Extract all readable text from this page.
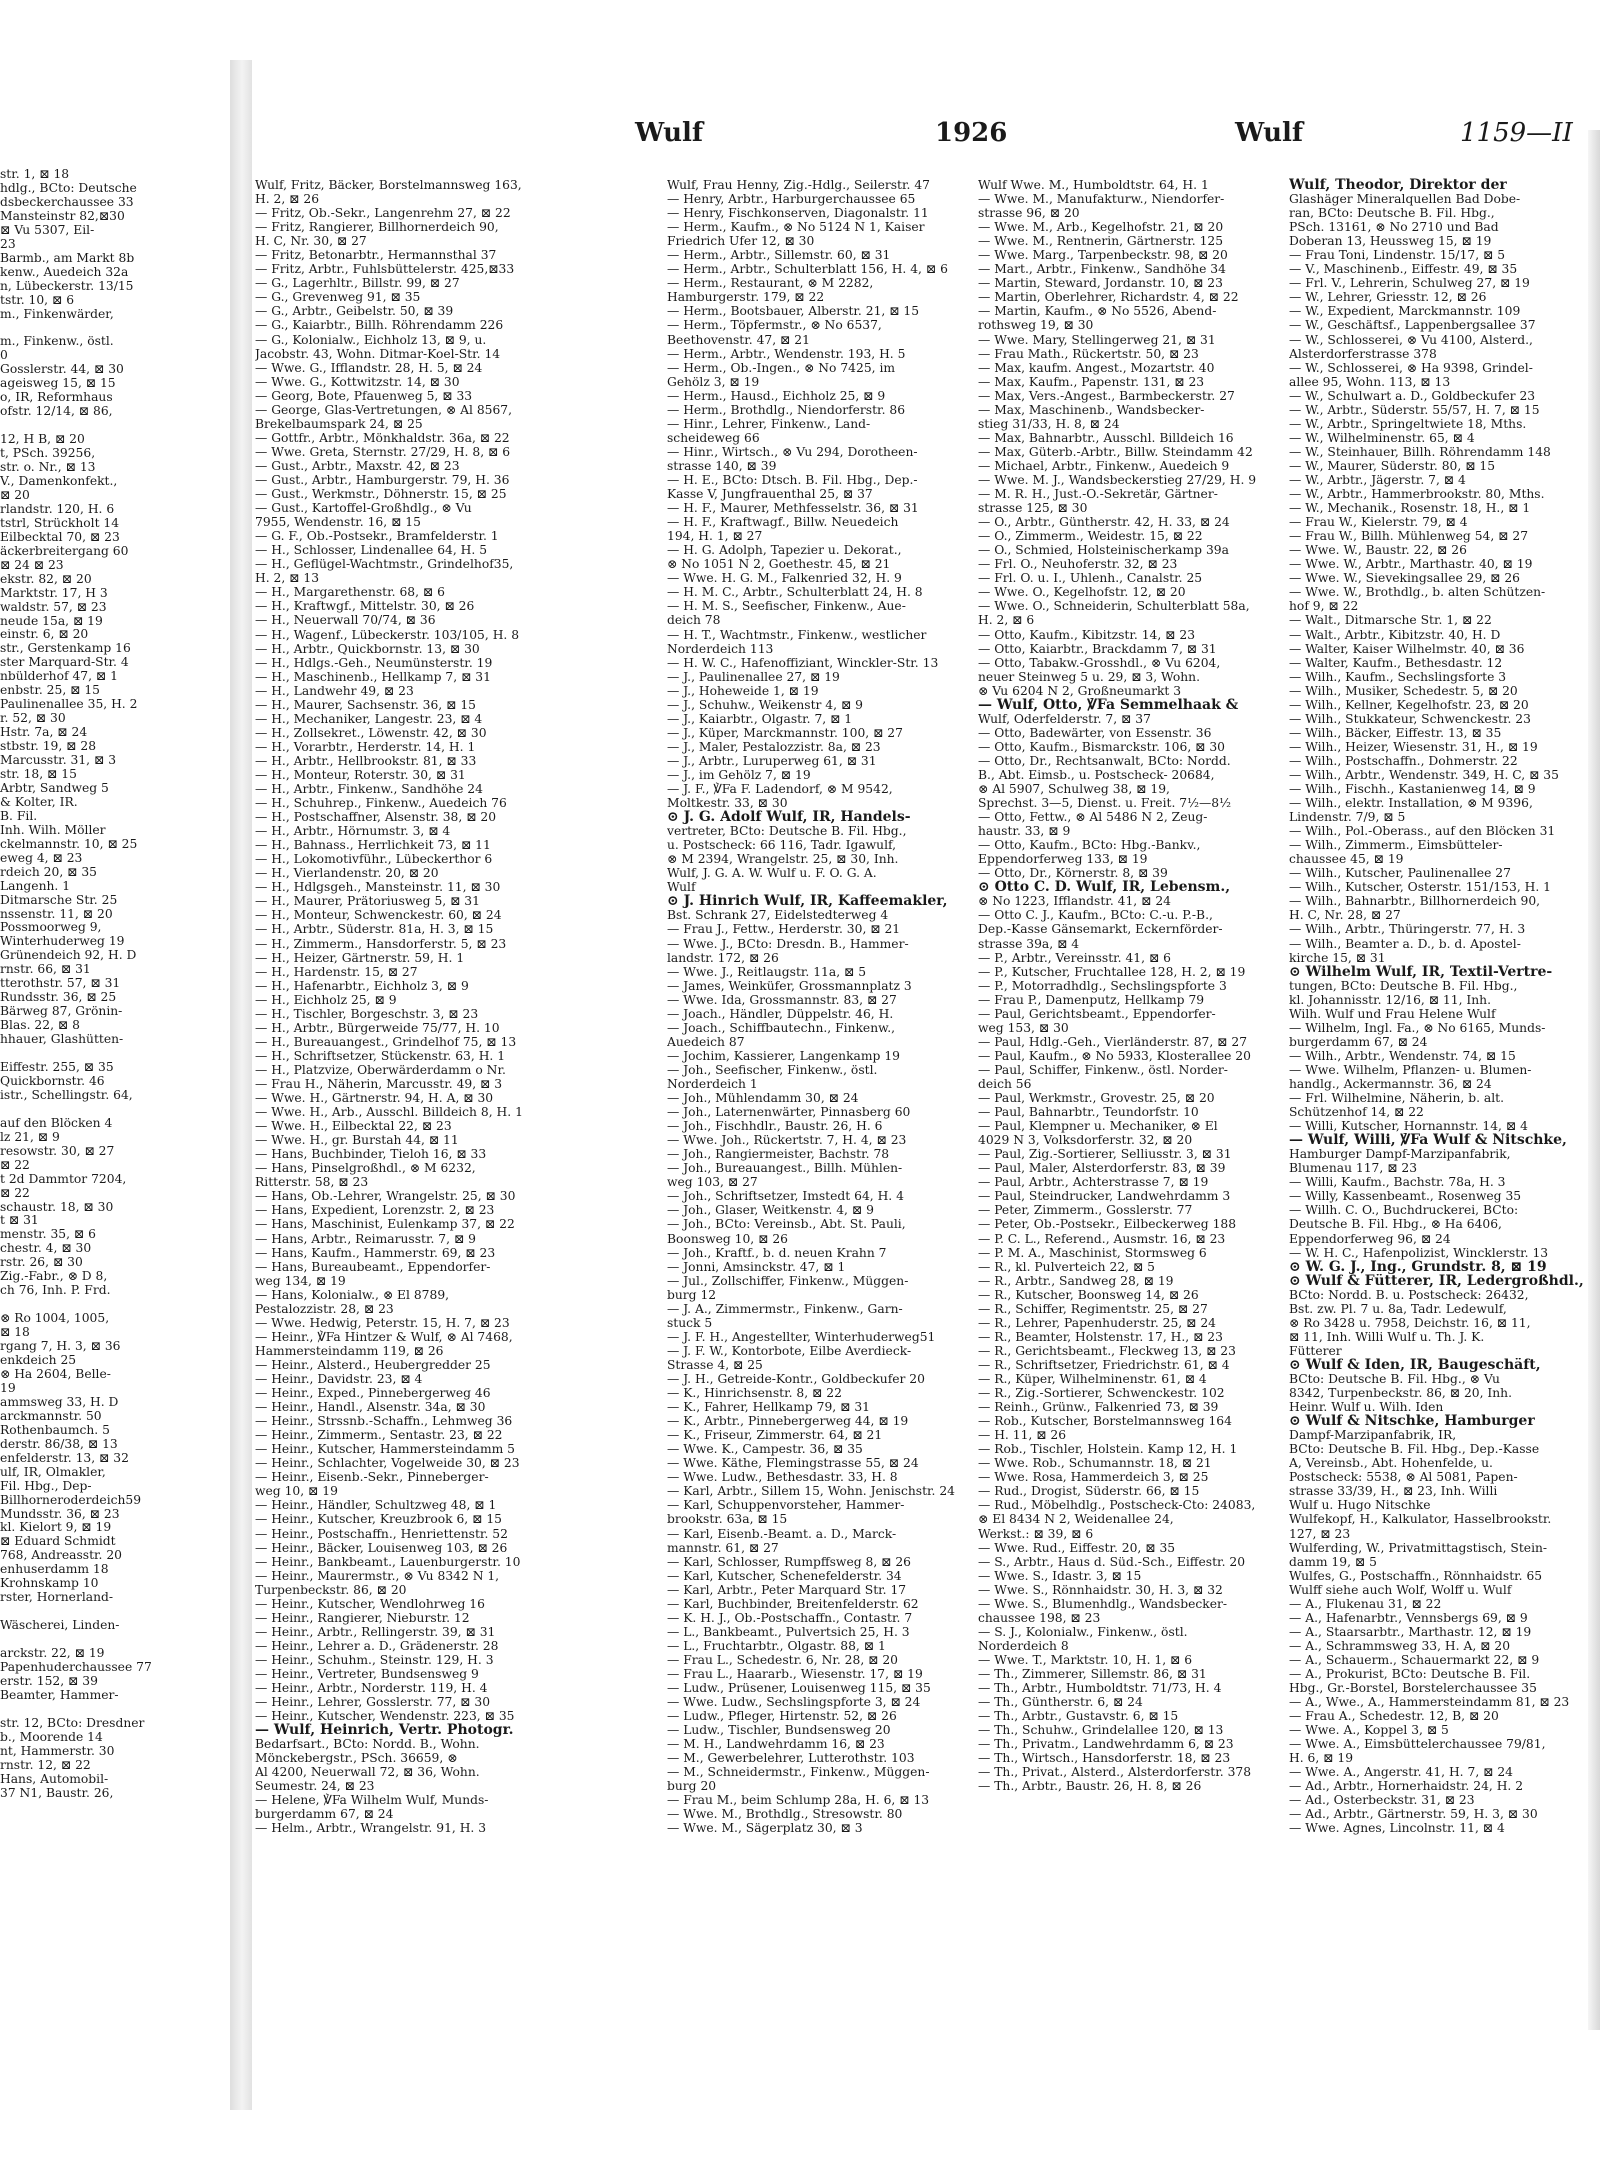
str. 1, ⊠ 18
hdlg., BCto: Deutsche
dsbeckerchaussee 33
Mansteinstr 82,⊠30
⊠ Vu 5307, Eil-
23
Barmb., am Markt 8b
kenw., Auedeich 32a
n, Lübeckerstr. 13/15
tstr. 10, ⊠ 6
m., Finkenwärder,

m., Finkenw., östl.
0
Gosslerstr. 44, ⊠ 30
ageisweg 15, ⊠ 15
o, IR, Reformhaus
ofstr. 12/14, ⊠ 86,

12, H B, ⊠ 20
t, PSch. 39256,
str. o. Nr., ⊠ 13
V., Damenkonfekt.,
⊠ 20
rlandstr. 120, H. 6
tstrl, Strückholt 14
Eilbecktal 70, ⊠ 23
äckerbreitergang 60
⊠ 24 ⊠ 23
ekstr. 82, ⊠ 20
Marktstr. 17, H 3
waldstr. 57, ⊠ 23
neude 15a, ⊠ 19
einstr. 6, ⊠ 20
str., Gerstenkamp 16
ster Marquard-Str. 4
nbülderhof 47, ⊠ 1
enbstr. 25, ⊠ 15
Paulinenallee 35, H. 2
r. 52, ⊠ 30
Hstr. 7a, ⊠ 24
stbstr. 19, ⊠ 28
Marcusstr. 31, ⊠ 3
str. 18, ⊠ 15
Arbtr, Sandweg 5
& Kolter, IR.
B. Fil.
Inh. Wilh. Möller
ckelmannstr. 10, ⊠ 25
eweg 4, ⊠ 23
rdeich 20, ⊠ 35
Langenh. 1
Ditmarsche Str. 25
nssenstr. 11, ⊠ 20
Possmoorweg 9,
Winterhuderweg 19
Grünendeich 92, H. D
rnstr. 66, ⊠ 31
tterothstr. 57, ⊠ 31
Rundsstr. 36, ⊠ 25
Bärweg 87, Grönin-
Blas. 22, ⊠ 8
hhauer, Glashütten-

Eiffestr. 255, ⊠ 35
Quickbornstr. 46
istr., Schellingstr. 64,

auf den Blöcken 4
lz 21, ⊠ 9
resowstr. 30, ⊠ 27
⊠ 22
t 2d Dammtor 7204,
⊠ 22
schaustr. 18, ⊠ 30
t ⊠ 31
menstr. 35, ⊠ 6
chestr. 4, ⊠ 30
rstr. 26, ⊠ 30
Zig.-Fabr., ⊗ D 8,
ch 76, Inh. P. Frd.

⊗ Ro 1004, 1005,
⊠ 18
rgang 7, H. 3, ⊠ 36
enkdeich 25
⊗ Ha 2604, Belle-
19
ammsweg 33, H. D
arckmannstr. 50
Rothenbaumch. 5
derstr. 86/38, ⊠ 13
enfelderstr. 13, ⊠ 32
ulf, IR, Olmakler,
Fil. Hbg., Dep-
Billhorneroderdeich59
Mundsstr. 36, ⊠ 23
kl. Kielort 9, ⊠ 19
⊠ Eduard Schmidt
768, Andreasstr. 20
enhuserdamm 18
Krohnskamp 10
rster, Hornerland-

Wäscherei, Linden-

arckstr. 22, ⊠ 19
Papenhuderchaussee 77
erstr. 152, ⊠ 39
Beamter, Hammer-

str. 12, BCto: Dresdner
b., Moorende 14
nt, Hammerstr. 30
rnstr. 12, ⊠ 22
Hans, Automobil-
37 N1, Baustr. 26,
Wulf	1926	Wulf	1159—II
Wulf, Fritz, Bäcker, Borstelmannsweg 163,
H. 2, ⊠ 26
— Fritz, Ob.-Sekr., Langenrehm 27, ⊠ 22
— Fritz, Rangierer, Billhornerdeich 90,
H. C, Nr. 30, ⊠ 27
— Fritz, Betonarbtr., Hermannsthal 37
— Fritz, Arbtr., Fuhlsbüttelerstr. 425,⊠33
— G., Lagerhltr., Billstr. 99, ⊠ 27
— G., Grevenweg 91, ⊠ 35
— G., Arbtr., Geibelstr. 50, ⊠ 39
— G., Kaiarbtr., Billh. Röhrendamm 226
— G., Kolonialw., Eichholz 13, ⊠ 9, u.
Jacobstr. 43, Wohn. Ditmar-Koel-Str. 14
— Wwe. G., Ifflandstr. 28, H. 5, ⊠ 24
— Wwe. G., Kottwitzstr. 14, ⊠ 30
— Georg, Bote, Pfauenweg 5, ⊠ 33
— George, Glas-Vertretungen, ⊗ Al 8567,
Brekelbaumspark 24, ⊠ 25
— Gottfr., Arbtr., Mönkhaldstr. 36a, ⊠ 22
— Wwe. Greta, Sternstr. 27/29, H. 8, ⊠ 6
— Gust., Arbtr., Maxstr. 42, ⊠ 23
— Gust., Arbtr., Hamburgerstr. 79, H. 36
— Gust., Werkmstr., Döhnerstr. 15, ⊠ 25
— Gust., Kartoffel-Großhdlg., ⊗ Vu
7955, Wendenstr. 16, ⊠ 15
— G. F., Ob.-Postsekr., Bramfelderstr. 1
— H., Schlosser, Lindenallee 64, H. 5
— H., Geflügel-Wachtmstr., Grindelhof35,
H. 2, ⊠ 13
— H., Margarethenstr. 68, ⊠ 6
— H., Kraftwgf., Mittelstr. 30, ⊠ 26
— H., Neuerwall 70/74, ⊠ 36
— H., Wagenf., Lübeckerstr. 103/105, H. 8
— H., Arbtr., Quickbornstr. 13, ⊠ 30
— H., Hdlgs.-Geh., Neumünsterstr. 19
— H., Maschinenb., Hellkamp 7, ⊠ 31
— H., Landwehr 49, ⊠ 23
— H., Maurer, Sachsenstr. 36, ⊠ 15
— H., Mechaniker, Langestr. 23, ⊠ 4
— H., Zollsekret., Löwenstr. 42, ⊠ 30
— H., Vorarbtr., Herderstr. 14, H. 1
— H., Arbtr., Hellbrookstr. 81, ⊠ 33
— H., Monteur, Roterstr. 30, ⊠ 31
— H., Arbtr., Finkenw., Sandhöhe 24
— H., Schuhrep., Finkenw., Auedeich 76
— H., Postschaffner, Alsenstr. 38, ⊠ 20
— H., Arbtr., Hörnumstr. 3, ⊠ 4
— H., Bahnass., Herrlichkeit 73, ⊠ 11
— H., Lokomotivführ., Lübeckerthor 6
— H., Vierlandenstr. 20, ⊠ 20
— H., Hdlgsgeh., Mansteinstr. 11, ⊠ 30
— H., Maurer, Prätoriusweg 5, ⊠ 31
— H., Monteur, Schwenckestr. 60, ⊠ 24
— H., Arbtr., Süderstr. 81a, H. 3, ⊠ 15
— H., Zimmerm., Hansdorferstr. 5, ⊠ 23
— H., Heizer, Gärtnerstr. 59, H. 1
— H., Hardenstr. 15, ⊠ 27
— H., Hafenarbtr., Eichholz 3, ⊠ 9
— H., Eichholz 25, ⊠ 9
— H., Tischler, Borgeschstr. 3, ⊠ 23
— H., Arbtr., Bürgerweide 75/77, H. 10
— H., Bureauangest., Grindelhof 75, ⊠ 13
— H., Schriftsetzer, Stückenstr. 63, H. 1
— H., Platzvize, Oberwärderdamm o Nr.
— Frau H., Näherin, Marcusstr. 49, ⊠ 3
— Wwe. H., Gärtnerstr. 94, H. A, ⊠ 30
— Wwe. H., Arb., Ausschl. Billdeich 8, H. 1
— Wwe. H., Eilbecktal 22, ⊠ 23
— Wwe. H., gr. Burstah 44, ⊠ 11
— Hans, Buchbinder, Tieloh 16, ⊠ 33
— Hans, Pinselgroßhdl., ⊗ M 6232,
Ritterstr. 58, ⊠ 23
— Hans, Ob.-Lehrer, Wrangelstr. 25, ⊠ 30
— Hans, Expedient, Lorenzstr. 2, ⊠ 23
— Hans, Maschinist, Eulenkamp 37, ⊠ 22
— Hans, Arbtr., Reimarusstr. 7, ⊠ 9
— Hans, Kaufm., Hammerstr. 69, ⊠ 23
— Hans, Bureaubeamt., Eppendorfer-
weg 134, ⊠ 19
— Hans, Kolonialw., ⊗ El 8789,
Pestalozzistr. 28, ⊠ 23
— Wwe. Hedwig, Peterstr. 15, H. 7, ⊠ 23
— Heinr., ℣Fa Hintzer & Wulf, ⊗ Al 7468,
Hammersteindamm 119, ⊠ 26
— Heinr., Alsterd., Heubergredder 25
— Heinr., Davidstr. 23, ⊠ 4
— Heinr., Exped., Pinnebergerweg 46
— Heinr., Handl., Alsenstr. 34a, ⊠ 30
— Heinr., Strssnb.-Schaffn., Lehmweg 36
— Heinr., Zimmerm., Sentastr. 23, ⊠ 22
— Heinr., Kutscher, Hammersteindamm 5
— Heinr., Schlachter, Vogelweide 30, ⊠ 23
— Heinr., Eisenb.-Sekr., Pinneberger-
weg 10, ⊠ 19
— Heinr., Händler, Schultzweg 48, ⊠ 1
— Heinr., Kutscher, Kreuzbrook 6, ⊠ 15
— Heinr., Postschaffn., Henriettenstr. 52
— Heinr., Bäcker, Louisenweg 103, ⊠ 26
— Heinr., Bankbeamt., Lauenburgerstr. 10
— Heinr., Maurermstr., ⊗ Vu 8342 N 1,
Turpenbeckstr. 86, ⊠ 20
— Heinr., Kutscher, Wendlohrweg 16
— Heinr., Rangierer, Nieburstr. 12
— Heinr., Arbtr., Rellingerstr. 39, ⊠ 31
— Heinr., Lehrer a. D., Grädenerstr. 28
— Heinr., Schuhm., Steinstr. 129, H. 3
— Heinr., Vertreter, Bundsensweg 9
— Heinr., Arbtr., Norderstr. 119, H. 4
— Heinr., Lehrer, Gosslerstr. 77, ⊠ 30
— Heinr., Kutscher, Wendenstr. 223, ⊠ 35
— Wulf, Heinrich, Vertr. Photogr.
Bedarfsart., BCto: Nordd. B., Wohn.
Mönckebergstr., PSch. 36659, ⊗
Al 4200, Neuerwall 72, ⊠ 36, Wohn.
Seumestr. 24, ⊠ 23
— Helene, ℣Fa Wilhelm Wulf, Munds-
burgerdamm 67, ⊠ 24
— Helm., Arbtr., Wrangelstr. 91, H. 3
Wulf, Frau Henny, Zig.-Hdlg., Seilerstr. 47
— Henry, Arbtr., Harburgerchaussee 65
— Henry, Fischkonserven, Diagonalstr. 11
— Herm., Kaufm., ⊗ No 5124 N 1, Kaiser
Friedrich Ufer 12, ⊠ 30
— Herm., Arbtr., Sillemstr. 60, ⊠ 31
— Herm., Arbtr., Schulterblatt 156, H. 4, ⊠ 6
— Herm., Restaurant, ⊗ M 2282,
Hamburgerstr. 179, ⊠ 22
— Herm., Bootsbauer, Alberstr. 21, ⊠ 15
— Herm., Töpfermstr., ⊗ No 6537,
Beethovenstr. 47, ⊠ 21
— Herm., Arbtr., Wendenstr. 193, H. 5
— Herm., Ob.-Ingen., ⊗ No 7425, im
Gehölz 3, ⊠ 19
— Herm., Hausd., Eichholz 25, ⊠ 9
— Herm., Brothdlg., Niendorferstr. 86
— Hinr., Lehrer, Finkenw., Land-
scheideweg 66
— Hinr., Wirtsch., ⊗ Vu 294, Dorotheen-
strasse 140, ⊠ 39
— H. E., BCto: Dtsch. B. Fil. Hbg., Dep.-
Kasse V, Jungfrauenthal 25, ⊠ 37
— H. F., Maurer, Methfesselstr. 36, ⊠ 31
— H. F., Kraftwagf., Billw. Neuedeich
194, H. 1, ⊠ 27
— H. G. Adolph, Tapezier u. Dekorat.,
⊗ No 1051 N 2, Goethestr. 45, ⊠ 21
— Wwe. H. G. M., Falkenried 32, H. 9
— H. M. C., Arbtr., Schulterblatt 24, H. 8
— H. M. S., Seefischer, Finkenw., Aue-
deich 78
— H. T., Wachtmstr., Finkenw., westlicher
Norderdeich 113
— H. W. C., Hafenoffiziant, Winckler-Str. 13
— J., Paulinenallee 27, ⊠ 19
— J., Hoheweide 1, ⊠ 19
— J., Schuhw., Weikenstr 4, ⊠ 9
— J., Kaiarbtr., Olgastr. 7, ⊠ 1
— J., Küper, Marckmannstr. 100, ⊠ 27
— J., Maler, Pestalozzistr. 8a, ⊠ 23
— J., Arbtr., Luruperweg 61, ⊠ 31
— J., im Gehölz 7, ⊠ 19
— J. F., ℣Fa F. Ladendorf, ⊗ M 9542,
Moltkestr. 33, ⊠ 30
⊙ J. G. Adolf Wulf, IR, Handels-
vertreter, BCto: Deutsche B. Fil. Hbg.,
u. Postscheck: 66 116, Tadr. Igawulf,
⊗ M 2394, Wrangelstr. 25, ⊠ 30, Inh.
Wulf, J. G. A. W. Wulf u. F. O. G. A.
Wulf
⊙ J. Hinrich Wulf, IR, Kaffeemakler,
Bst. Schrank 27, Eidelstedterweg 4
— Frau J., Fettw., Herderstr. 30, ⊠ 21
— Wwe. J., BCto: Dresdn. B., Hammer-
landstr. 172, ⊠ 26
— Wwe. J., Reitlaugstr. 11a, ⊠ 5
— James, Weinküfer, Grossmannplatz 3
— Wwe. Ida, Grossmannstr. 83, ⊠ 27
— Joach., Händler, Düppelstr. 46, H.
— Joach., Schiffbautechn., Finkenw.,
Auedeich 87
— Jochim, Kassierer, Langenkamp 19
— Joh., Seefischer, Finkenw., östl.
Norderdeich 1
— Joh., Mühlendamm 30, ⊠ 24
— Joh., Laternenwärter, Pinnasberg 60
— Joh., Fischhdlr., Baustr. 26, H. 6
— Wwe. Joh., Rückertstr. 7, H. 4, ⊠ 23
— Joh., Rangiermeister, Bachstr. 78
— Joh., Bureauangest., Billh. Mühlen-
weg 103, ⊠ 27
— Joh., Schriftsetzer, Imstedt 64, H. 4
— Joh., Glaser, Weitkenstr. 4, ⊠ 9
— Joh., BCto: Vereinsb., Abt. St. Pauli,
Boonsweg 10, ⊠ 26
— Joh., Kraftf., b. d. neuen Krahn 7
— Jonni, Amsinckstr. 47, ⊠ 1
— Jul., Zollschiffer, Finkenw., Müggen-
burg 12
— J. A., Zimmermstr., Finkenw., Garn-
stuck 5
— J. F. H., Angestellter, Winterhuderweg51
— J. F. W., Kontorbote, Eilbe Averdieck-
Strasse 4, ⊠ 25
— J. H., Getreide-Kontr., Goldbeckufer 20
— K., Hinrichsenstr. 8, ⊠ 22
— K., Fahrer, Hellkamp 79, ⊠ 31
— K., Arbtr., Pinnebergerweg 44, ⊠ 19
— K., Friseur, Zimmerstr. 64, ⊠ 21
— Wwe. K., Campestr. 36, ⊠ 35
— Wwe. Käthe, Flemingstrasse 55, ⊠ 24
— Wwe. Ludw., Bethesdastr. 33, H. 8
— Karl, Arbtr., Sillem 15, Wohn. Jenischstr. 24
— Karl, Schuppenvorsteher, Hammer-
brookstr. 63a, ⊠ 15
— Karl, Eisenb.-Beamt. a. D., Marck-
mannstr. 61, ⊠ 27
— Karl, Schlosser, Rumpffsweg 8, ⊠ 26
— Karl, Kutscher, Schenefelderstr. 34
— Karl, Arbtr., Peter Marquard Str. 17
— Karl, Buchbinder, Breitenfelderstr. 62
— K. H. J., Ob.-Postschaffn., Contastr. 7
— L., Bankbeamt., Pulvertsich 25, H. 3
— L., Fruchtarbtr., Olgastr. 88, ⊠ 1
— Frau L., Schedestr. 6, Nr. 28, ⊠ 20
— Frau L., Haararb., Wiesenstr. 17, ⊠ 19
— Ludw., Prüsener, Louisenweg 115, ⊠ 35
— Wwe. Ludw., Sechslingspforte 3, ⊠ 24
— Ludw., Pfleger, Hirtenstr. 52, ⊠ 26
— Ludw., Tischler, Bundsensweg 20
— M. H., Landwehrdamm 16, ⊠ 23
— M., Gewerbelehrer, Lutterothstr. 103
— M., Schneidermstr., Finkenw., Müggen-
burg 20
— Frau M., beim Schlump 28a, H. 6, ⊠ 13
— Wwe. M., Brothdlg., Stresowstr. 80
— Wwe. M., Sägerplatz 30, ⊠ 3
Wulf Wwe. M., Humboldtstr. 64, H. 1
— Wwe. M., Manufakturw., Niendorfer-
strasse 96, ⊠ 20
— Wwe. M., Arb., Kegelhofstr. 21, ⊠ 20
— Wwe. M., Rentnerin, Gärtnerstr. 125
— Wwe. Marg., Tarpenbeckstr. 98, ⊠ 20
— Mart., Arbtr., Finkenw., Sandhöhe 34
— Martin, Steward, Jordanstr. 10, ⊠ 23
— Martin, Oberlehrer, Richardstr. 4, ⊠ 22
— Martin, Kaufm., ⊗ No 5526, Abend-
rothsweg 19, ⊠ 30
— Wwe. Mary, Stellingerweg 21, ⊠ 31
— Frau Math., Rückertstr. 50, ⊠ 23
— Max, kaufm. Angest., Mozartstr. 40
— Max, Kaufm., Papenstr. 131, ⊠ 23
— Max, Vers.-Angest., Barmbeckerstr. 27
— Max, Maschinenb., Wandsbecker-
stieg 31/33, H. 8, ⊠ 24
— Max, Bahnarbtr., Ausschl. Billdeich 16
— Max, Güterb.-Arbtr., Billw. Steindamm 42
— Michael, Arbtr., Finkenw., Auedeich 9
— Wwe. M. J., Wandsbeckerstieg 27/29, H. 9
— M. R. H., Just.-O.-Sekretär, Gärtner-
strasse 125, ⊠ 30
— O., Arbtr., Güntherstr. 42, H. 33, ⊠ 24
— O., Zimmerm., Weidestr. 15, ⊠ 22
— O., Schmied, Holsteinischerkamp 39a
— Frl. O., Neuhoferstr. 32, ⊠ 23
— Frl. O. u. I., Uhlenh., Canalstr. 25
— Wwe. O., Kegelhofstr. 12, ⊠ 20
— Wwe. O., Schneiderin, Schulterblatt 58a,
H. 2, ⊠ 6
— Otto, Kaufm., Kibitzstr. 14, ⊠ 23
— Otto, Kaiarbtr., Brackdamm 7, ⊠ 31
— Otto, Tabakw.-Grosshdl., ⊗ Vu 6204,
neuer Steinweg 5 u. 29, ⊠ 3, Wohn.
⊗ Vu 6204 N 2, Großneumarkt 3
— Wulf, Otto, ℣Fa Semmelhaak &
Wulf, Oderfelderstr. 7, ⊠ 37
— Otto, Badewärter, von Essenstr. 36
— Otto, Kaufm., Bismarckstr. 106, ⊠ 30
— Otto, Dr., Rechtsanwalt, BCto: Nordd.
B., Abt. Eimsb., u. Postscheck- 20684,
⊗ Al 5907, Schulweg 38, ⊠ 19,
Sprechst. 3—5, Dienst. u. Freit. 7½—8½
— Otto, Fettw., ⊗ Al 5486 N 2, Zeug-
haustr. 33, ⊠ 9
— Otto, Kaufm., BCto: Hbg.-Bankv.,
Eppendorferweg 133, ⊠ 19
— Otto, Dr., Körnerstr. 8, ⊠ 39
⊙ Otto C. D. Wulf, IR, Lebensm.,
⊗ No 1223, Ifflandstr. 41, ⊠ 24
— Otto C. J., Kaufm., BCto: C.-u. P.-B.,
Dep.-Kasse Gänsemarkt, Eckernförder-
strasse 39a, ⊠ 4
— P., Arbtr., Vereinsstr. 41, ⊠ 6
— P., Kutscher, Fruchtallee 128, H. 2, ⊠ 19
— P., Motorradhdlg., Sechslingspforte 3
— Frau P., Damenputz, Hellkamp 79
— Paul, Gerichtsbeamt., Eppendorfer-
weg 153, ⊠ 30
— Paul, Hdlg.-Geh., Vierländerstr. 87, ⊠ 27
— Paul, Kaufm., ⊗ No 5933, Klosterallee 20
— Paul, Schiffer, Finkenw., östl. Norder-
deich 56
— Paul, Werkmstr., Grovestr. 25, ⊠ 20
— Paul, Bahnarbtr., Teundorfstr. 10
— Paul, Klempner u. Mechaniker, ⊗ El
4029 N 3, Volksdorferstr. 32, ⊠ 20
— Paul, Zig.-Sortierer, Selliusstr. 3, ⊠ 31
— Paul, Maler, Alsterdorferstr. 83, ⊠ 39
— Paul, Arbtr., Achterstrasse 7, ⊠ 19
— Paul, Steindrucker, Landwehrdamm 3
— Peter, Zimmerm., Gosslerstr. 77
— Peter, Ob.-Postsekr., Eilbeckerweg 188
— P. C. L., Referend., Ausmstr. 16, ⊠ 23
— P. M. A., Maschinist, Stormsweg 6
— R., kl. Pulverteich 22, ⊠ 5
— R., Arbtr., Sandweg 28, ⊠ 19
— R., Kutscher, Boonsweg 14, ⊠ 26
— R., Schiffer, Regimentstr. 25, ⊠ 27
— R., Lehrer, Papenhuderstr. 25, ⊠ 24
— R., Beamter, Holstenstr. 17, H., ⊠ 23
— R., Gerichtsbeamt., Fleckweg 13, ⊠ 23
— R., Schriftsetzer, Friedrichstr. 61, ⊠ 4
— R., Küper, Wilhelminenstr. 61, ⊠ 4
— R., Zig.-Sortierer, Schwenckestr. 102
— Reinh., Grünw., Falkenried 73, ⊠ 39
— Rob., Kutscher, Borstelmannsweg 164
— H. 11, ⊠ 26
— Rob., Tischler, Holstein. Kamp 12, H. 1
— Wwe. Rob., Schumannstr. 18, ⊠ 21
— Wwe. Rosa, Hammerdeich 3, ⊠ 25
— Rud., Drogist, Süderstr. 66, ⊠ 15
— Rud., Möbelhdlg., Postscheck-Cto: 24083,
⊗ El 8434 N 2, Weidenallee 24,
Werkst.: ⊠ 39, ⊠ 6
— Wwe. Rud., Eiffestr. 20, ⊠ 35
— S., Arbtr., Haus d. Süd.-Sch., Eiffestr. 20
— Wwe. S., Idastr. 3, ⊠ 15
— Wwe. S., Rönnhaidstr. 30, H. 3, ⊠ 32
— Wwe. S., Blumenhdlg., Wandsbecker-
chaussee 198, ⊠ 23
— S. J., Kolonialw., Finkenw., östl.
Norderdeich 8
— Wwe. T., Marktstr. 10, H. 1, ⊠ 6
— Th., Zimmerer, Sillemstr. 86, ⊠ 31
— Th., Arbtr., Humboldtstr. 71/73, H. 4
— Th., Güntherstr. 6, ⊠ 24
— Th., Arbtr., Gustavstr. 6, ⊠ 15
— Th., Schuhw., Grindelallee 120, ⊠ 13
— Th., Privatm., Landwehrdamm 6, ⊠ 23
— Th., Wirtsch., Hansdorferstr. 18, ⊠ 23
— Th., Privat., Alsterd., Alsterdorferstr. 378
— Th., Arbtr., Baustr. 26, H. 8, ⊠ 26
Wulf, Theodor, Direktor der
Glashäger Mineralquellen Bad Dobe-
ran, BCto: Deutsche B. Fil. Hbg.,
PSch. 13161, ⊗ No 2710 und Bad
Doberan 13, Heussweg 15, ⊠ 19
— Frau Toni, Lindenstr. 15/17, ⊠ 5
— V., Maschinenb., Eiffestr. 49, ⊠ 35
— Frl. V., Lehrerin, Schulweg 27, ⊠ 19
— W., Lehrer, Griesstr. 12, ⊠ 26
— W., Expedient, Marckmannstr. 109
— W., Geschäftsf., Lappenbergsallee 37
— W., Schlosserei, ⊗ Vu 4100, Alsterd.,
Alsterdorferstrasse 378
— W., Schlosserei, ⊗ Ha 9398, Grindel-
allee 95, Wohn. 113, ⊠ 13
— W., Schulwart a. D., Goldbeckufer 23
— W., Arbtr., Süderstr. 55/57, H. 7, ⊠ 15
— W., Arbtr., Springeltwiete 18, Mths.
— W., Wilhelminenstr. 65, ⊠ 4
— W., Steinhauer, Billh. Röhrendamm 148
— W., Maurer, Süderstr. 80, ⊠ 15
— W., Arbtr., Jägerstr. 7, ⊠ 4
— W., Arbtr., Hammerbrookstr. 80, Mths.
— W., Mechanik., Rosenstr. 18, H., ⊠ 1
— Frau W., Kielerstr. 79, ⊠ 4
— Frau W., Billh. Mühlenweg 54, ⊠ 27
— Wwe. W., Baustr. 22, ⊠ 26
— Wwe. W., Arbtr., Marthastr. 40, ⊠ 19
— Wwe. W., Sievekingsallee 29, ⊠ 26
— Wwe. W., Brothdlg., b. alten Schützen-
hof 9, ⊠ 22
— Walt., Ditmarsche Str. 1, ⊠ 22
— Walt., Arbtr., Kibitzstr. 40, H. D
— Walter, Kaiser Wilhelmstr. 40, ⊠ 36
— Walter, Kaufm., Bethesdastr. 12
— Wilh., Kaufm., Sechslingsforte 3
— Wilh., Musiker, Schedestr. 5, ⊠ 20
— Wilh., Kellner, Kegelhofstr. 23, ⊠ 20
— Wilh., Stukkateur, Schwenckestr. 23
— Wilh., Bäcker, Eiffestr. 13, ⊠ 35
— Wilh., Heizer, Wiesenstr. 31, H., ⊠ 19
— Wilh., Postschaffn., Dohmerstr. 22
— Wilh., Arbtr., Wendenstr. 349, H. C, ⊠ 35
— Wilh., Fischh., Kastanienweg 14, ⊠ 9
— Wilh., elektr. Installation, ⊗ M 9396,
Lindenstr. 7/9, ⊠ 5
— Wilh., Pol.-Oberass., auf den Blöcken 31
— Wilh., Zimmerm., Eimsbütteler-
chaussee 45, ⊠ 19
— Wilh., Kutscher, Paulinenallee 27
— Wilh., Kutscher, Osterstr. 151/153, H. 1
— Wilh., Bahnarbtr., Billhornerdeich 90,
H. C, Nr. 28, ⊠ 27
— Wilh., Arbtr., Thüringerstr. 77, H. 3
— Wilh., Beamter a. D., b. d. Apostel-
kirche 15, ⊠ 31
⊙ Wilhelm Wulf, IR, Textil-Vertre-
tungen, BCto: Deutsche B. Fil. Hbg.,
kl. Johannisstr. 12/16, ⊠ 11, Inh.
Wilh. Wulf und Frau Helene Wulf
— Wilhelm, Ingl. Fa., ⊗ No 6165, Munds-
burgerdamm 67, ⊠ 24
— Wilh., Arbtr., Wendenstr. 74, ⊠ 15
— Wwe. Wilhelm, Pflanzen- u. Blumen-
handlg., Ackermannstr. 36, ⊠ 24
— Frl. Wilhelmine, Näherin, b. alt.
Schützenhof 14, ⊠ 22
— Willi, Kutscher, Hornannstr. 14, ⊠ 4
— Wulf, Willi, ℣Fa Wulf & Nitschke,
Hamburger Dampf-Marzipanfabrik,
Blumenau 117, ⊠ 23
— Willi, Kaufm., Bachstr. 78a, H. 3
— Willy, Kassenbeamt., Rosenweg 35
— Willh. C. O., Buchdruckerei, BCto:
Deutsche B. Fil. Hbg., ⊗ Ha 6406,
Eppendorferweg 96, ⊠ 24
— W. H. C., Hafenpolizist, Wincklerstr. 13
⊙ W. G. J., Ing., Grundstr. 8, ⊠ 19
⊙ Wulf & Fütterer, IR, Ledergroßhdl.,
BCto: Nordd. B. u. Postscheck: 26432,
Bst. zw. Pl. 7 u. 8a, Tadr. Ledewulf,
⊗ Ro 3428 u. 7958, Deichstr. 16, ⊠ 11,
⊠ 11, Inh. Willi Wulf u. Th. J. K.
Fütterer
⊙ Wulf & Iden, IR, Baugeschäft,
BCto: Deutsche B. Fil. Hbg., ⊗ Vu
8342, Turpenbeckstr. 86, ⊠ 20, Inh.
Heinr. Wulf u. Wilh. Iden
⊙ Wulf & Nitschke, Hamburger
Dampf-Marzipanfabrik, IR,
BCto: Deutsche B. Fil. Hbg., Dep.-Kasse
A, Vereinsb., Abt. Hohenfelde, u.
Postscheck: 5538, ⊗ Al 5081, Papen-
strasse 33/39, H., ⊠ 23, Inh. Willi
Wulf u. Hugo Nitschke
Wulfekopf, H., Kalkulator, Hasselbrookstr.
127, ⊠ 23
Wulferding, W., Privatmittagstisch, Stein-
damm 19, ⊠ 5
Wulfes, G., Postschaffn., Rönnhaidstr. 65
Wulff siehe auch Wolf, Wolff u. Wulf
— A., Flukenau 31, ⊠ 22
— A., Hafenarbtr., Vennsbergs 69, ⊠ 9
— A., Staarsarbtr., Marthastr. 12, ⊠ 19
— A., Schrammsweg 33, H. A, ⊠ 20
— A., Schauerm., Schauermarkt 22, ⊠ 9
— A., Prokurist, BCto: Deutsche B. Fil.
Hbg., Gr.-Borstel, Borstelerchaussee 35
— A., Wwe., A., Hammersteindamm 81, ⊠ 23
— Frau A., Schedestr. 12, B, ⊠ 20
— Wwe. A., Koppel 3, ⊠ 5
— Wwe. A., Eimsbüttelerchaussee 79/81,
H. 6, ⊠ 19
— Wwe. A., Angerstr. 41, H. 7, ⊠ 24
— Ad., Arbtr., Hornerhaidstr. 24, H. 2
— Ad., Osterbeckstr. 31, ⊠ 23
— Ad., Arbtr., Gärtnerstr. 59, H. 3, ⊠ 30
— Wwe. Agnes, Lincolnstr. 11, ⊠ 4
